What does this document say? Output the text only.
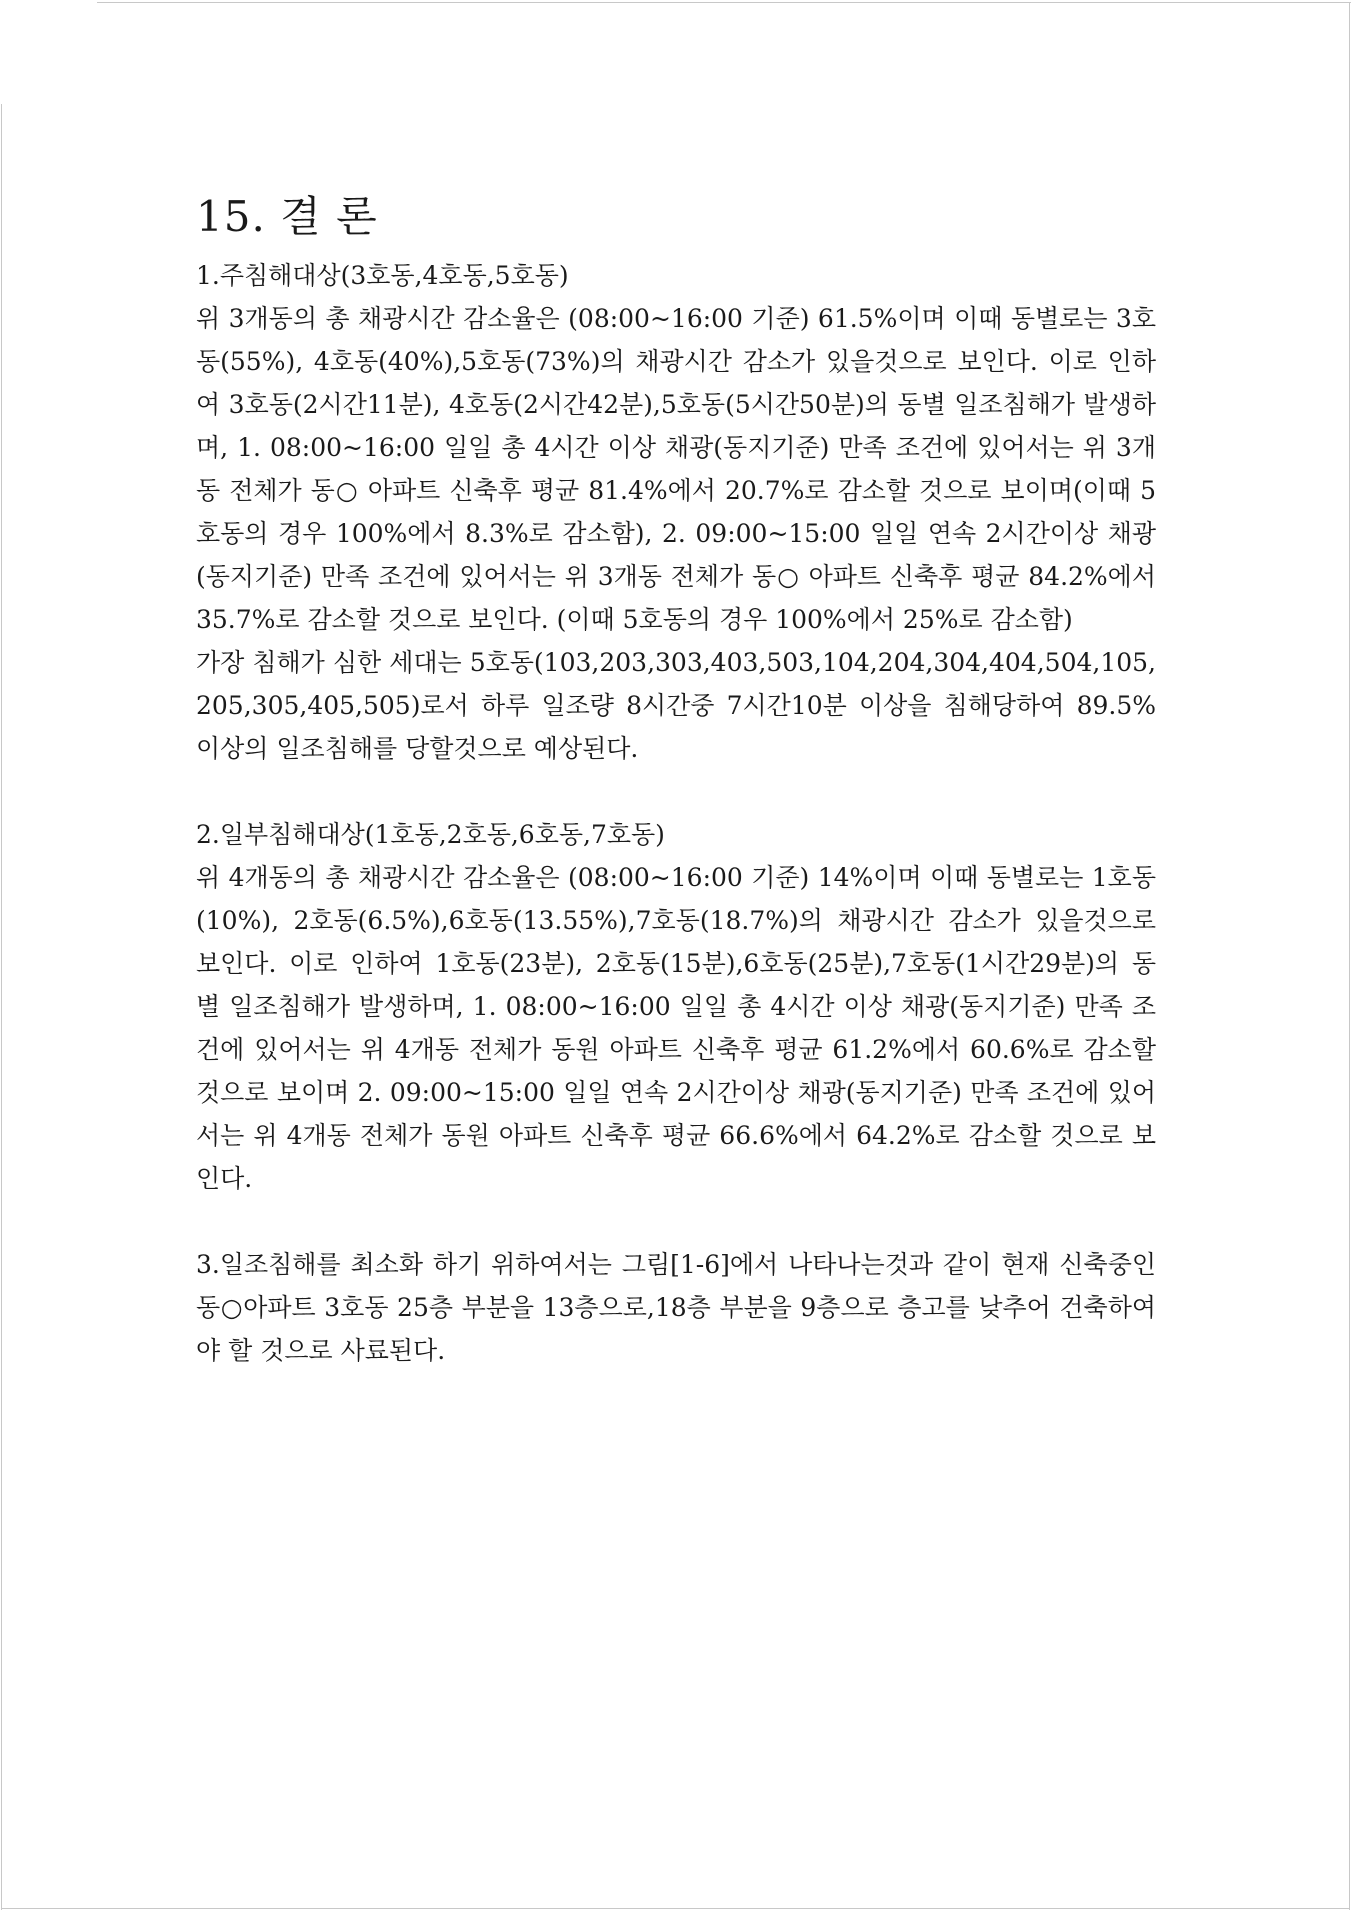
15. 결 론

1.주침해대상(3호동,4호동,5호동)

위 3개동의 총 채광시간 감소율은 (08:00~16:00 기준) 61.5%이며 이때 동별로는 3호동(55%), 4호동(40%),5호동(73%)의 채광시간 감소가 있을것으로 보인다. 이로 인하여 3호동(2시간11분), 4호동(2시간42분),5호동(5시간50분)의 동별 일조침해가 발생하며, 1. 08:00~16:00 일일 총 4시간 이상 채광(동지기준) 만족 조건에 있어서는 위 3개동 전체가 동○ 아파트 신축후 평균 81.4%에서 20.7%로 감소할 것으로 보이며(이때 5호동의 경우 100%에서 8.3%로 감소함), 2. 09:00~15:00 일일 연속 2시간이상 채광(동지기준) 만족 조건에 있어서는 위 3개동 전체가 동○ 아파트 신축후 평균 84.2%에서 35.7%로 감소할 것으로 보인다. (이때 5호동의 경우 100%에서 25%로 감소함)

가장 침해가 심한 세대는 5호동(103,203,303,403,503,104,204,304,404,504,105,205,305,405,505)로서 하루 일조량 8시간중 7시간10분 이상을 침해당하여 89.5% 이상의 일조침해를 당할것으로 예상된다.

2.일부침해대상(1호동,2호동,6호동,7호동)

위 4개동의 총 채광시간 감소율은 (08:00~16:00 기준) 14%이며 이때 동별로는 1호동(10%), 2호동(6.5%),6호동(13.55%),7호동(18.7%)의 채광시간 감소가 있을것으로 보인다. 이로 인하여 1호동(23분), 2호동(15분),6호동(25분),7호동(1시간29분)의 동별 일조침해가 발생하며, 1. 08:00~16:00 일일 총 4시간 이상 채광(동지기준) 만족 조건에 있어서는 위 4개동 전체가 동원 아파트 신축후 평균 61.2%에서 60.6%로 감소할 것으로 보이며 2. 09:00~15:00 일일 연속 2시간이상 채광(동지기준) 만족 조건에 있어서는 위 4개동 전체가 동원 아파트 신축후 평균 66.6%에서 64.2%로 감소할 것으로 보인다.

3.일조침해를 최소화 하기 위하여서는 그림[1-6]에서 나타나는것과 같이 현재 신축중인 동○아파트 3호동 25층 부분을 13층으로,18층 부분을 9층으로 층고를 낮추어 건축하여야 할 것으로 사료된다.
